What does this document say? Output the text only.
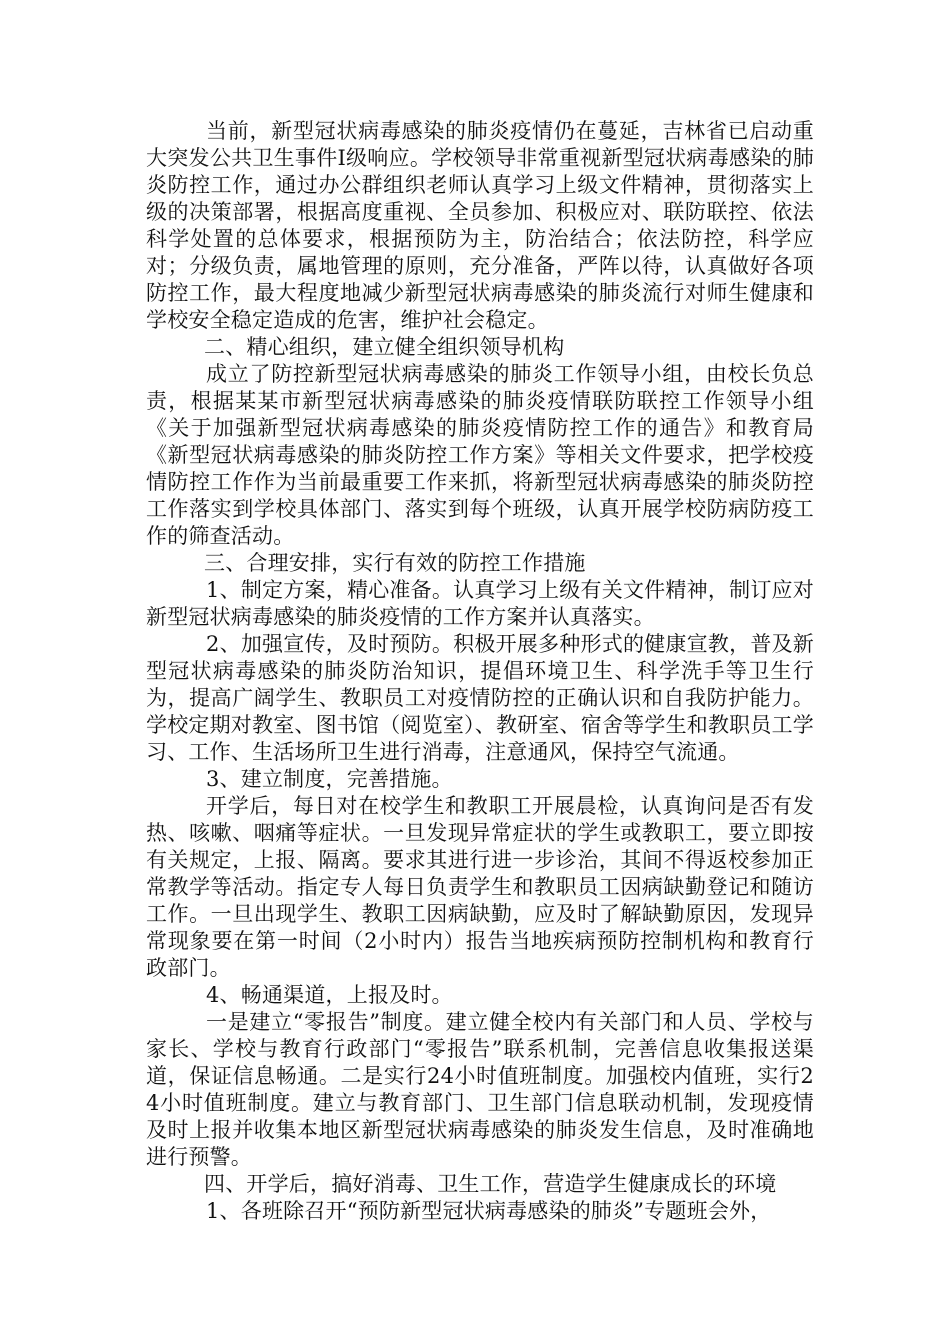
当前，新型冠状病毒感染的肺炎疫情仍在蔓延，吉林省已启动重大突发公共卫生事件Ⅰ级响应。学校领导非常重视新型冠状病毒感染的肺炎防控工作，通过办公群组织老师认真学习上级文件精神，贯彻落实上级的决策部署，根据高度重视、全员参加、积极应对、联防联控、依法科学处置的总体要求，根据预防为主，防治结合；依法防控，科学应对；分级负责，属地管理的原则，充分准备，严阵以待，认真做好各项防控工作，最大程度地减少新型冠状病毒感染的肺炎流行对师生健康和学校安全稳定造成的危害，维护社会稳定。

二、精心组织，建立健全组织领导机构

成立了防控新型冠状病毒感染的肺炎工作领导小组，由校长负总责，根据某某市新型冠状病毒感染的肺炎疫情联防联控工作领导小组《关于加强新型冠状病毒感染的肺炎疫情防控工作的通告》和教育局《新型冠状病毒感染的肺炎防控工作方案》等相关文件要求，把学校疫情防控工作作为当前最重要工作来抓，将新型冠状病毒感染的肺炎防控工作落实到学校具体部门、落实到每个班级，认真开展学校防病防疫工作的筛查活动。

三、合理安排，实行有效的防控工作措施

1、制定方案，精心准备。认真学习上级有关文件精神，制订应对新型冠状病毒感染的肺炎疫情的工作方案并认真落实。

2、加强宣传，及时预防。积极开展多种形式的健康宣教，普及新型冠状病毒感染的肺炎防治知识，提倡环境卫生、科学洗手等卫生行为，提高广阔学生、教职员工对疫情防控的正确认识和自我防护能力。学校定期对教室、图书馆（阅览室）、教研室、宿舍等学生和教职员工学习、工作、生活场所卫生进行消毒，注意通风，保持空气流通。

3、建立制度，完善措施。

开学后，每日对在校学生和教职工开展晨检，认真询问是否有发热、咳嗽、咽痛等症状。一旦发现异常症状的学生或教职工，要立即按有关规定，上报、隔离。要求其进行进一步诊治，其间不得返校参加正常教学等活动。指定专人每日负责学生和教职员工因病缺勤登记和随访工作。一旦出现学生、教职工因病缺勤，应及时了解缺勤原因，发现异常现象要在第一时间（2小时内）报告当地疾病预防控制机构和教育行政部门。

4、畅通渠道，上报及时。

一是建立“零报告”制度。建立健全校内有关部门和人员、学校与家长、学校与教育行政部门“零报告”联系机制，完善信息收集报送渠道，保证信息畅通。二是实行24小时值班制度。加强校内值班，实行24小时值班制度。建立与教育部门、卫生部门信息联动机制，发现疫情及时上报并收集本地区新型冠状病毒感染的肺炎发生信息，及时准确地进行预警。

四、开学后，搞好消毒、卫生工作，营造学生健康成长的环境

1、各班除召开“预防新型冠状病毒感染的肺炎”专题班会外，
